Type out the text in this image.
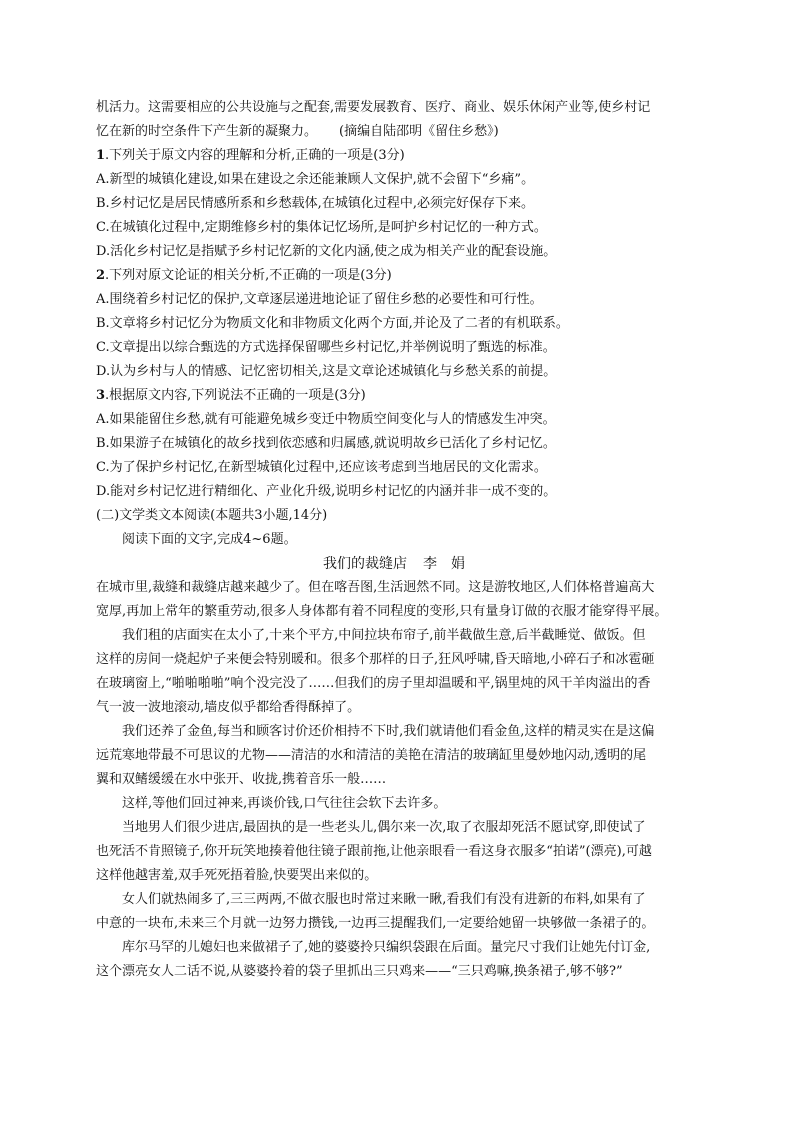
机活力。这需要相应的公共设施与之配套,需要发展教育、医疗、商业、娱乐休闲产业等,使乡村记
忆在新的时空条件下产生新的凝聚力。 (摘编自陆邵明《留住乡愁》)
1.下列关于原文内容的理解和分析,正确的一项是(3分)
A.新型的城镇化建设,如果在建设之余还能兼顾人文保护,就不会留下“乡痛”。
B.乡村记忆是居民情感所系和乡愁载体,在城镇化过程中,必须完好保存下来。
C.在城镇化过程中,定期维修乡村的集体记忆场所,是呵护乡村记忆的一种方式。
D.活化乡村记忆是指赋予乡村记忆新的文化内涵,使之成为相关产业的配套设施。
2.下列对原文论证的相关分析,不正确的一项是(3分)
A.围绕着乡村记忆的保护,文章逐层递进地论证了留住乡愁的必要性和可行性。
B.文章将乡村记忆分为物质文化和非物质文化两个方面,并论及了二者的有机联系。
C.文章提出以综合甄选的方式选择保留哪些乡村记忆,并举例说明了甄选的标准。
D.认为乡村与人的情感、记忆密切相关,这是文章论述城镇化与乡愁关系的前提。
3.根据原文内容,下列说法不正确的一项是(3分)
A.如果能留住乡愁,就有可能避免城乡变迁中物质空间变化与人的情感发生冲突。
B.如果游子在城镇化的故乡找到依恋感和归属感,就说明故乡已活化了乡村记忆。
C.为了保护乡村记忆,在新型城镇化过程中,还应该考虑到当地居民的文化需求。
D.能对乡村记忆进行精细化、产业化升级,说明乡村记忆的内涵并非一成不变的。
(二)文学类文本阅读(本题共3小题,14分)
阅读下面的文字,完成4~6题。
我们的裁缝店 李娟
在城市里,裁缝和裁缝店越来越少了。但在喀吾图,生活迥然不同。这是游牧地区,人们体格普遍高大
宽厚,再加上常年的繁重劳动,很多人身体都有着不同程度的变形,只有量身订做的衣服才能穿得平展。
我们租的店面实在太小了,十来个平方,中间拉块布帘子,前半截做生意,后半截睡觉、做饭。但
这样的房间一烧起炉子来便会特别暖和。很多个那样的日子,狂风呼啸,昏天暗地,小碎石子和冰雹砸
在玻璃窗上,“啪啪啪啪”响个没完没了……但我们的房子里却温暖和平,锅里炖的风干羊肉溢出的香
气一波一波地滚动,墙皮似乎都给香得酥掉了。
我们还养了金鱼,每当和顾客讨价还价相持不下时,我们就请他们看金鱼,这样的精灵实在是这偏
远荒寒地带最不可思议的尤物——清洁的水和清洁的美艳在清洁的玻璃缸里曼妙地闪动,透明的尾
翼和双鳍缓缓在水中张开、收拢,携着音乐一般……
这样,等他们回过神来,再谈价钱,口气往往会软下去许多。
当地男人们很少进店,最固执的是一些老头儿,偶尔来一次,取了衣服却死活不愿试穿,即使试了
也死活不肯照镜子,你开玩笑地揍着他往镜子跟前拖,让他亲眼看一看这身衣服多“拍诺”(漂亮),可越
这样他越害羞,双手死死捂着脸,快要哭出来似的。
女人们就热闹多了,三三两两,不做衣服也时常过来瞅一瞅,看我们有没有进新的布料,如果有了
中意的一块布,未来三个月就一边努力攒钱,一边再三提醒我们,一定要给她留一块够做一条裙子的。
库尔马罕的儿媳妇也来做裙子了,她的婆婆拎只编织袋跟在后面。量完尺寸我们让她先付订金,
这个漂亮女人二话不说,从婆婆拎着的袋子里抓出三只鸡来——“三只鸡嘛,换条裙子,够不够?”
